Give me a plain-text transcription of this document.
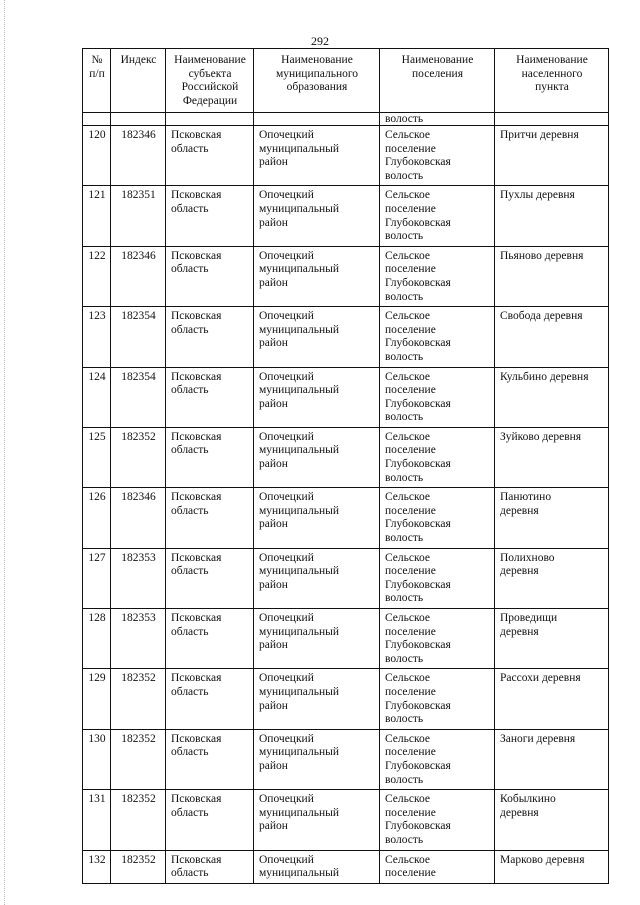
292
№
п/п	Индекс	Наименование
субъекта
Российской
Федерации	Наименование
муниципального
образования	Наименование
поселения	Наименование
населенного
пункта

				волость	
120	182346	Псковская
область	Опочецкий
муниципальный
район	Сельское
поселение
Глубоковская
волость	Притчи деревня

121	182351	Псковская
область	Опочецкий
муниципальный
район	Сельское
поселение
Глубоковская
волость	Пухлы деревня

122	182346	Псковская
область	Опочецкий
муниципальный
район	Сельское
поселение
Глубоковская
волость	Пьяново деревня

123	182354	Псковская
область	Опочецкий
муниципальный
район	Сельское
поселение
Глубоковская
волость	Свобода деревня

124	182354	Псковская
область	Опочецкий
муниципальный
район	Сельское
поселение
Глубоковская
волость	Кульбино деревня

125	182352	Псковская
область	Опочецкий
муниципальный
район	Сельское
поселение
Глубоковская
волость	Зуйково деревня

126	182346	Псковская
область	Опочецкий
муниципальный
район	Сельское
поселение
Глубоковская
волость	Панютино
деревня

127	182353	Псковская
область	Опочецкий
муниципальный
район	Сельское
поселение
Глубоковская
волость	Полихново
деревня

128	182353	Псковская
область	Опочецкий
муниципальный
район	Сельское
поселение
Глубоковская
волость	Проведищи
деревня

129	182352	Псковская
область	Опочецкий
муниципальный
район	Сельское
поселение
Глубоковская
волость	Рассохи деревня

130	182352	Псковская
область	Опочецкий
муниципальный
район	Сельское
поселение
Глубоковская
волость	Заноги деревня

131	182352	Псковская
область	Опочецкий
муниципальный
район	Сельское
поселение
Глубоковская
волость	Кобылкино
деревня

132	182352	Псковская
область	Опочецкий
муниципальный	Сельское
поселение	Марково деревня
